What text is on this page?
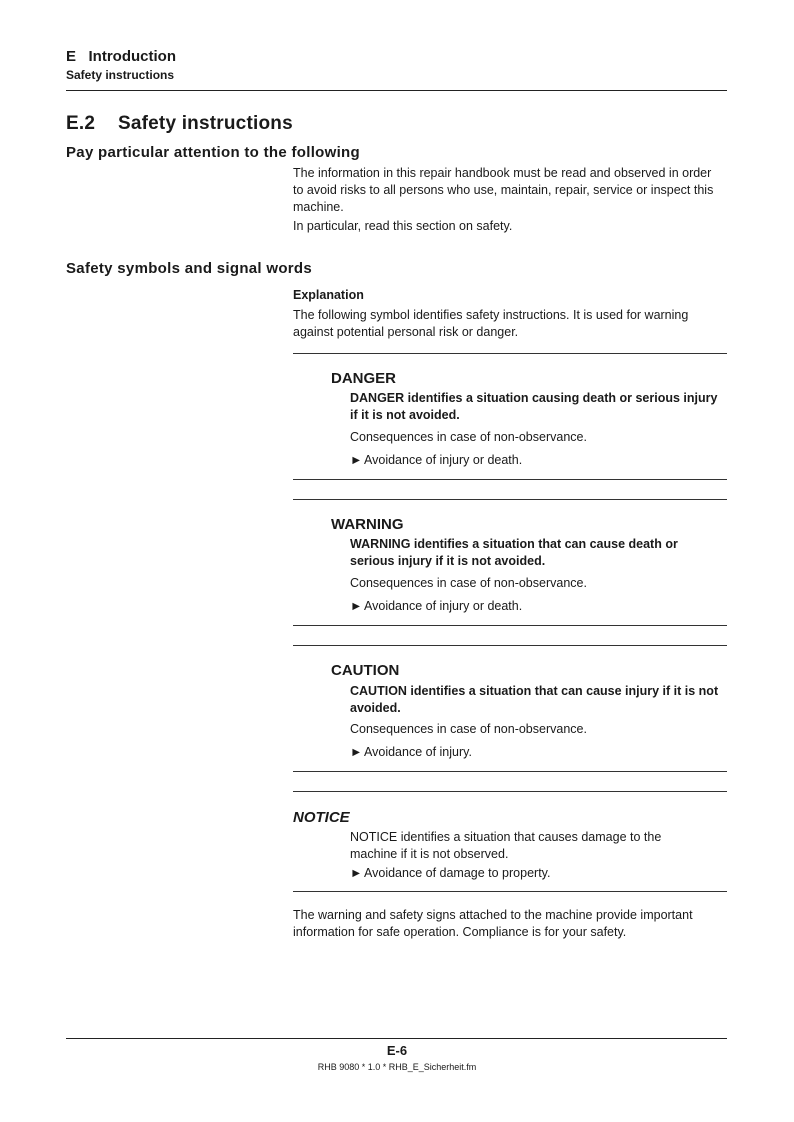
E   Introduction
Safety instructions
E.2 Safety instructions
Pay particular attention to the following
The information in this repair handbook must be read and observed in order to avoid risks to all persons who use, maintain, repair, service or inspect this machine.
In particular, read this section on safety.
Safety symbols and signal words
Explanation
The following symbol identifies safety instructions. It is used for warning against potential personal risk or danger.
DANGER
DANGER identifies a situation causing death or serious injury if it is not avoided.
Consequences in case of non-observance.
► Avoidance of injury or death.
WARNING
WARNING identifies a situation that can cause death or serious injury if it is not avoided.
Consequences in case of non-observance.
► Avoidance of injury or death.
CAUTION
CAUTION identifies a situation that can cause injury if it is not avoided.
Consequences in case of non-observance.
► Avoidance of injury.
NOTICE
NOTICE identifies a situation that causes damage to the machine if it is not observed.
► Avoidance of damage to property.
The warning and safety signs attached to the machine provide important information for safe operation. Compliance is for your safety.
E-6
RHB 9080 * 1.0 * RHB_E_Sicherheit.fm
